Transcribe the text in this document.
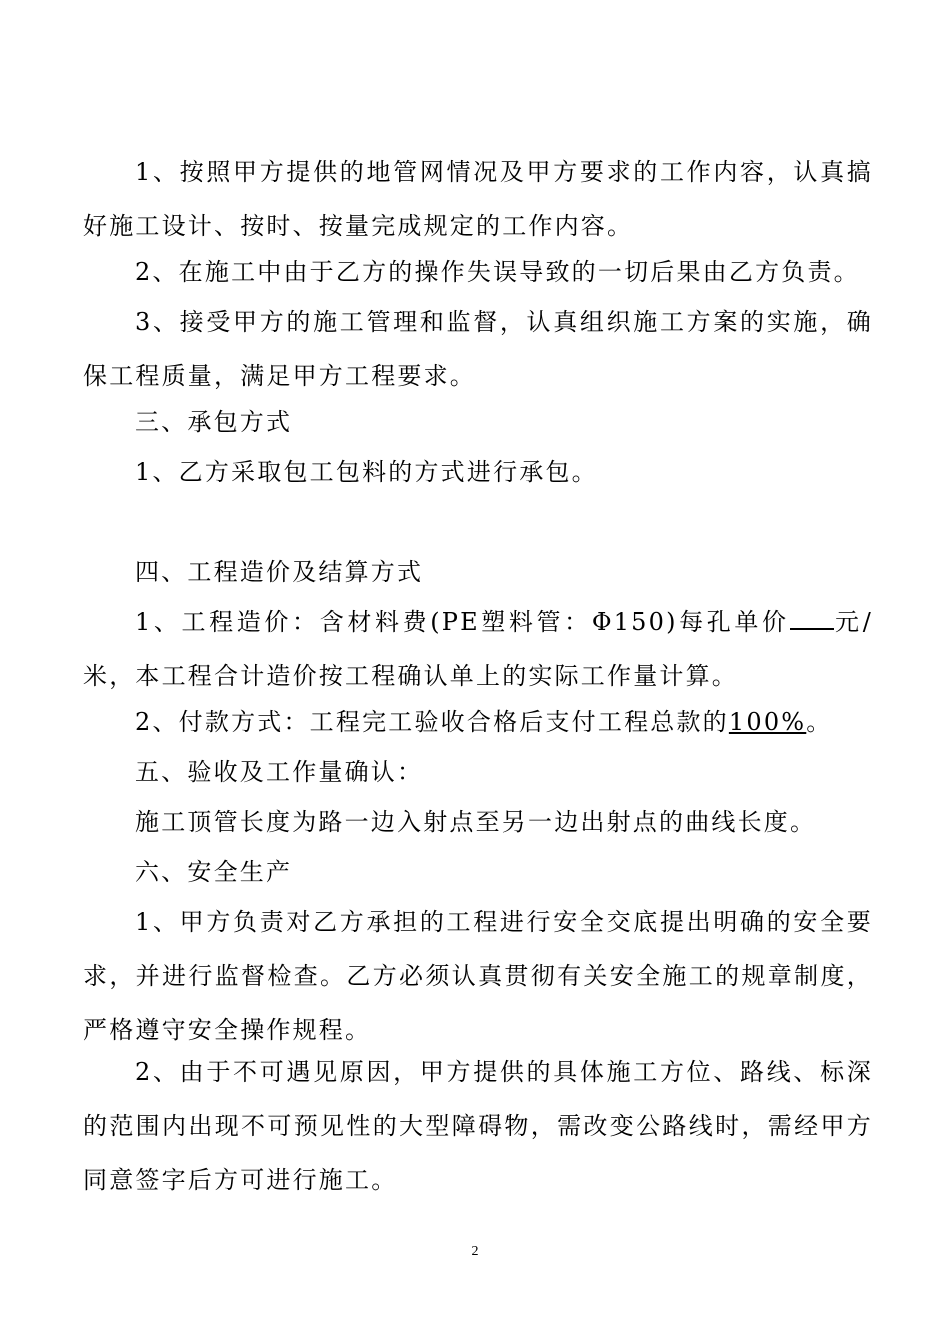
1、按照甲方提供的地管网情况及甲方要求的工作内容，认真搞好施工设计、按时、按量完成规定的工作内容。

2、在施工中由于乙方的操作失误导致的一切后果由乙方负责。

3、接受甲方的施工管理和监督，认真组织施工方案的实施，确保工程质量，满足甲方工程要求。

三、承包方式

1、乙方采取包工包料的方式进行承包。

四、工程造价及结算方式

1、工程造价：含材料费(PE塑料管：Φ150)每孔单价 元/米，本工程合计造价按工程确认单上的实际工作量计算。

2、付款方式：工程完工验收合格后支付工程总款的100%。

五、验收及工作量确认：

施工顶管长度为路一边入射点至另一边出射点的曲线长度。

六、安全生产

1、甲方负责对乙方承担的工程进行安全交底提出明确的安全要求，并进行监督检查。乙方必须认真贯彻有关安全施工的规章制度，严格遵守安全操作规程。

2、由于不可遇见原因，甲方提供的具体施工方位、路线、标深的范围内出现不可预见性的大型障碍物，需改变公路线时，需经甲方同意签字后方可进行施工。

2
